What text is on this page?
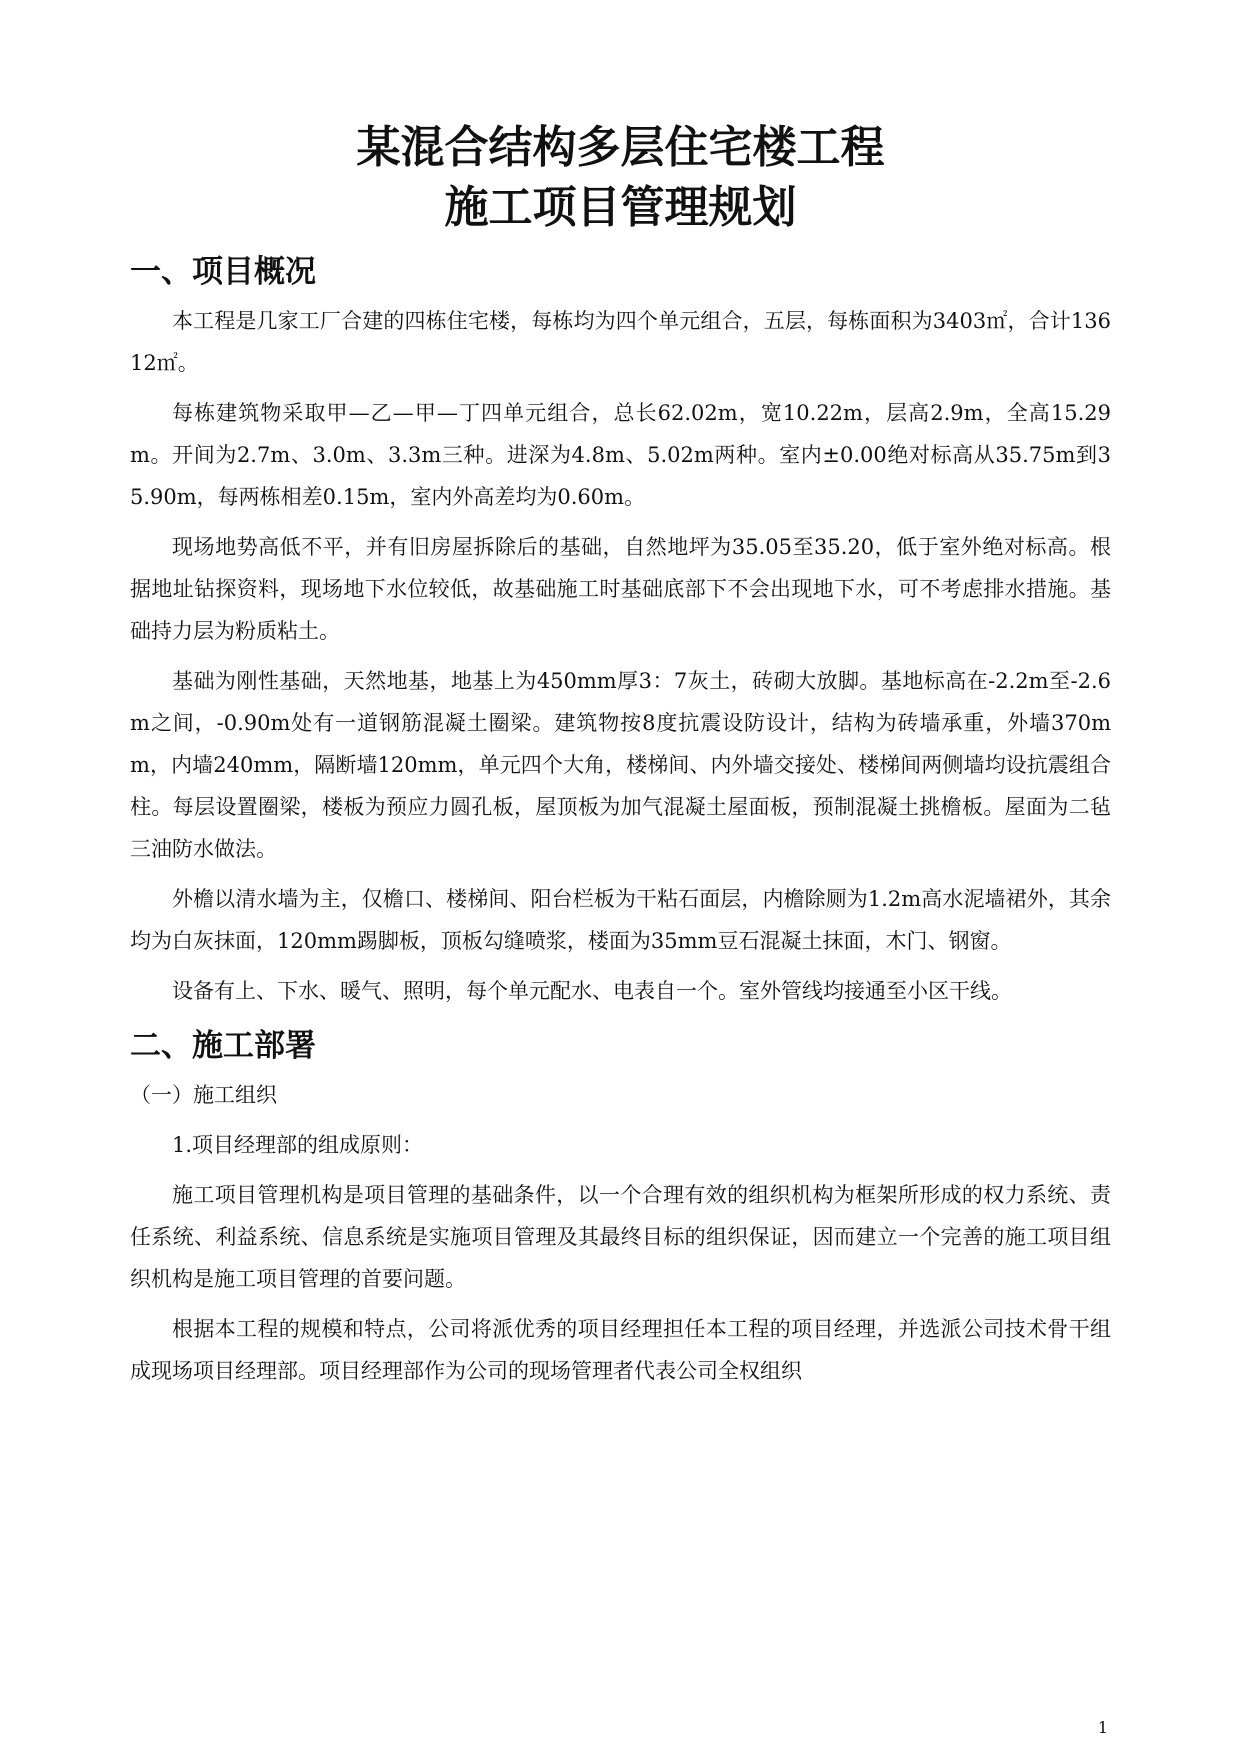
某混合结构多层住宅楼工程
施工项目管理规划
一、项目概况

本工程是几家工厂合建的四栋住宅楼，每栋均为四个单元组合，五层，每栋面积为3403㎡，合计13612㎡。

每栋建筑物采取甲—乙—甲—丁四单元组合，总长62.02m，宽10.22m，层高2.9m，全高15.29m。开间为2.7m、3.0m、3.3m三种。进深为4.8m、5.02m两种。室内±0.00绝对标高从35.75m到35.90m，每两栋相差0.15m，室内外高差均为0.60m。

现场地势高低不平，并有旧房屋拆除后的基础，自然地坪为35.05至35.20，低于室外绝对标高。根据地址钻探资料，现场地下水位较低，故基础施工时基础底部下不会出现地下水，可不考虑排水措施。基础持力层为粉质粘土。

基础为刚性基础，天然地基，地基上为450mm厚3：7灰土，砖砌大放脚。基地标高在-2.2m至-2.6m之间，-0.90m处有一道钢筋混凝土圈梁。建筑物按8度抗震设防设计，结构为砖墙承重，外墙370mm，内墙240mm，隔断墙120mm，单元四个大角，楼梯间、内外墙交接处、楼梯间两侧墙均设抗震组合柱。每层设置圈梁，楼板为预应力圆孔板，屋顶板为加气混凝土屋面板，预制混凝土挑檐板。屋面为二毡三油防水做法。

外檐以清水墙为主，仅檐口、楼梯间、阳台栏板为干粘石面层，内檐除厕为1.2m高水泥墙裙外，其余均为白灰抹面，120mm踢脚板，顶板勾缝喷浆，楼面为35mm豆石混凝土抹面，木门、钢窗。

设备有上、下水、暖气、照明，每个单元配水、电表自一个。室外管线均接通至小区干线。

二、施工部署
（一）施工组织
1.项目经理部的组成原则：

施工项目管理机构是项目管理的基础条件，以一个合理有效的组织机构为框架所形成的权力系统、责任系统、利益系统、信息系统是实施项目管理及其最终目标的组织保证，因而建立一个完善的施工项目组织机构是施工项目管理的首要问题。

根据本工程的规模和特点，公司将派优秀的项目经理担任本工程的项目经理，并选派公司技术骨干组成现场项目经理部。项目经理部作为公司的现场管理者代表公司全权组织

1
